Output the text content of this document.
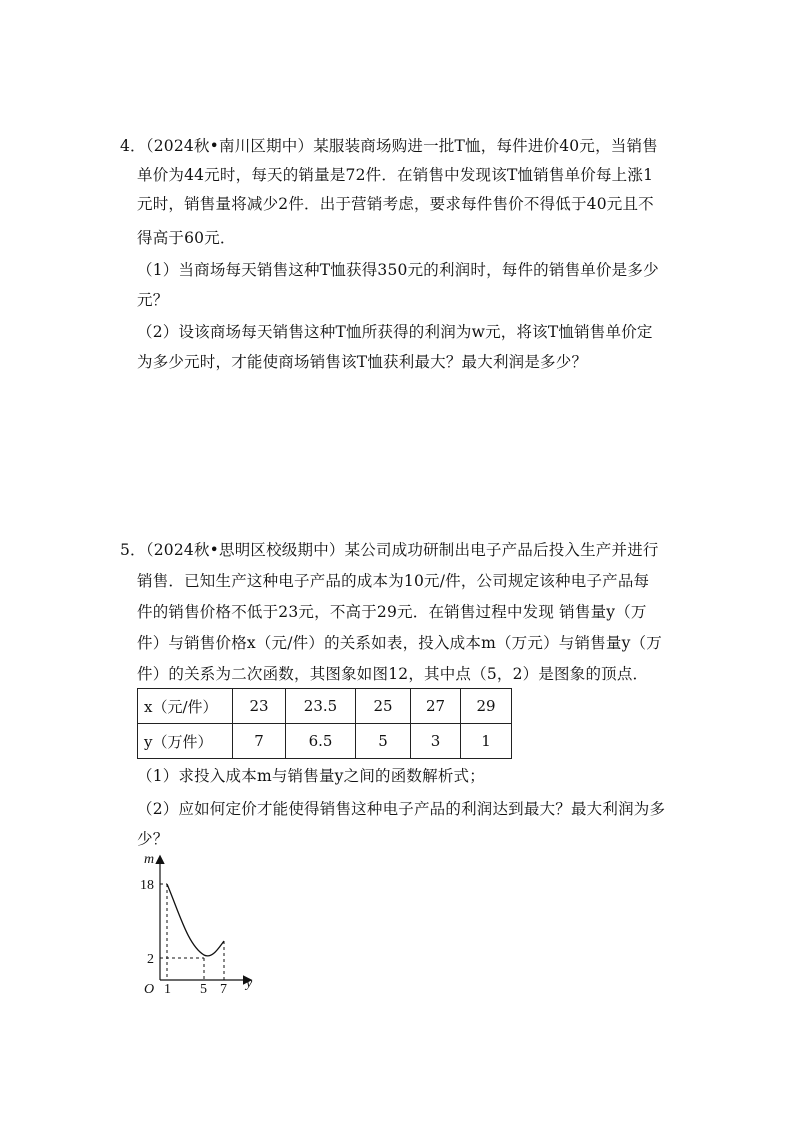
4．（2024秋•南川区期中）某服装商场购进一批T恤，每件进价40元，当销售
单价为44元时，每天的销量是72件．在销售中发现该T恤销售单价每上涨1
元时，销售量将减少2件．出于营销考虑，要求每件售价不得低于40元且不
得高于60元．
（1）当商场每天销售这种T恤获得350元的利润时，每件的销售单价是多少
元？
（2）设该商场每天销售这种T恤所获得的利润为w元，将该T恤销售单价定
为多少元时，才能使商场销售该T恤获利最大？最大利润是多少？
5．（2024秋•思明区校级期中）某公司成功研制出电子产品后投入生产并进行
销售．已知生产这种电子产品的成本为10元/件，公司规定该种电子产品每
件的销售价格不低于23元，不高于29元．在销售过程中发现 销售量y（万
件）与销售价格x（元/件）的关系如表，投入成本m（万元）与销售量y（万
件）的关系为二次函数，其图象如图12，其中点（5，2）是图象的顶点．
x（元/件）	23	23.5	25	27	29
y（万件）	7	6.5	5	3	1
（1）求投入成本m与销售量y之间的函数解析式；
（2）应如何定价才能使得销售这种电子产品的利润达到最大？最大利润为多
少？
m
18
2
O 1 5 7 y
